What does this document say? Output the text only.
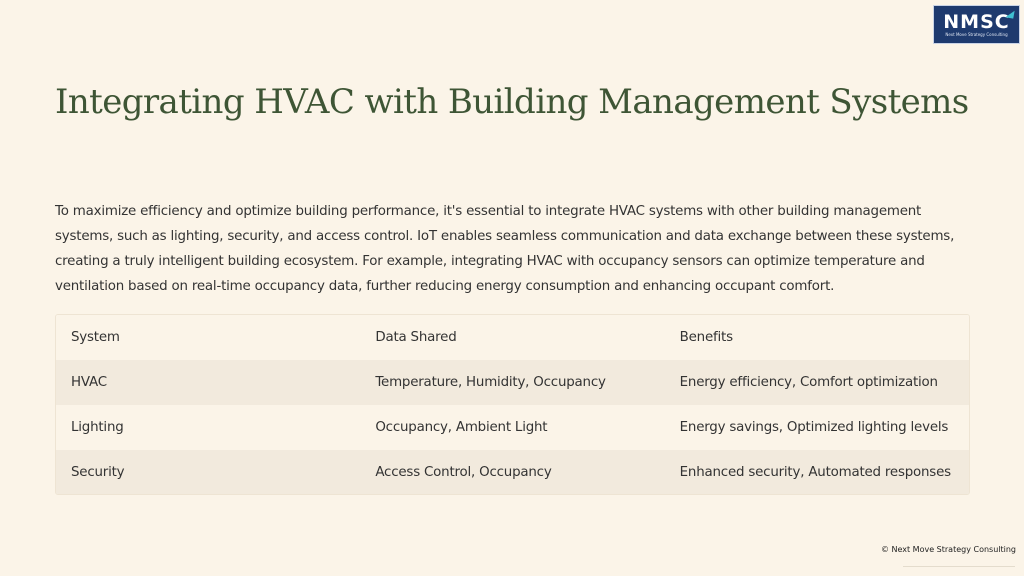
NMSC
Next Move Strategy Consulting
Integrating HVAC with Building Management Systems

To maximize efficiency and optimize building performance, it's essential to integrate HVAC systems with other building management systems, such as lighting, security, and access control. IoT enables seamless communication and data exchange between these systems, creating a truly intelligent building ecosystem. For example, integrating HVAC with occupancy sensors can optimize temperature and ventilation based on real-time occupancy data, further reducing energy consumption and enhancing occupant comfort.

System	Data Shared	Benefits
HVAC	Temperature, Humidity, Occupancy	Energy efficiency, Comfort optimization
Lighting	Occupancy, Ambient Light	Energy savings, Optimized lighting levels
Security	Access Control, Occupancy	Enhanced security, Automated responses
© Next Move Strategy Consulting
